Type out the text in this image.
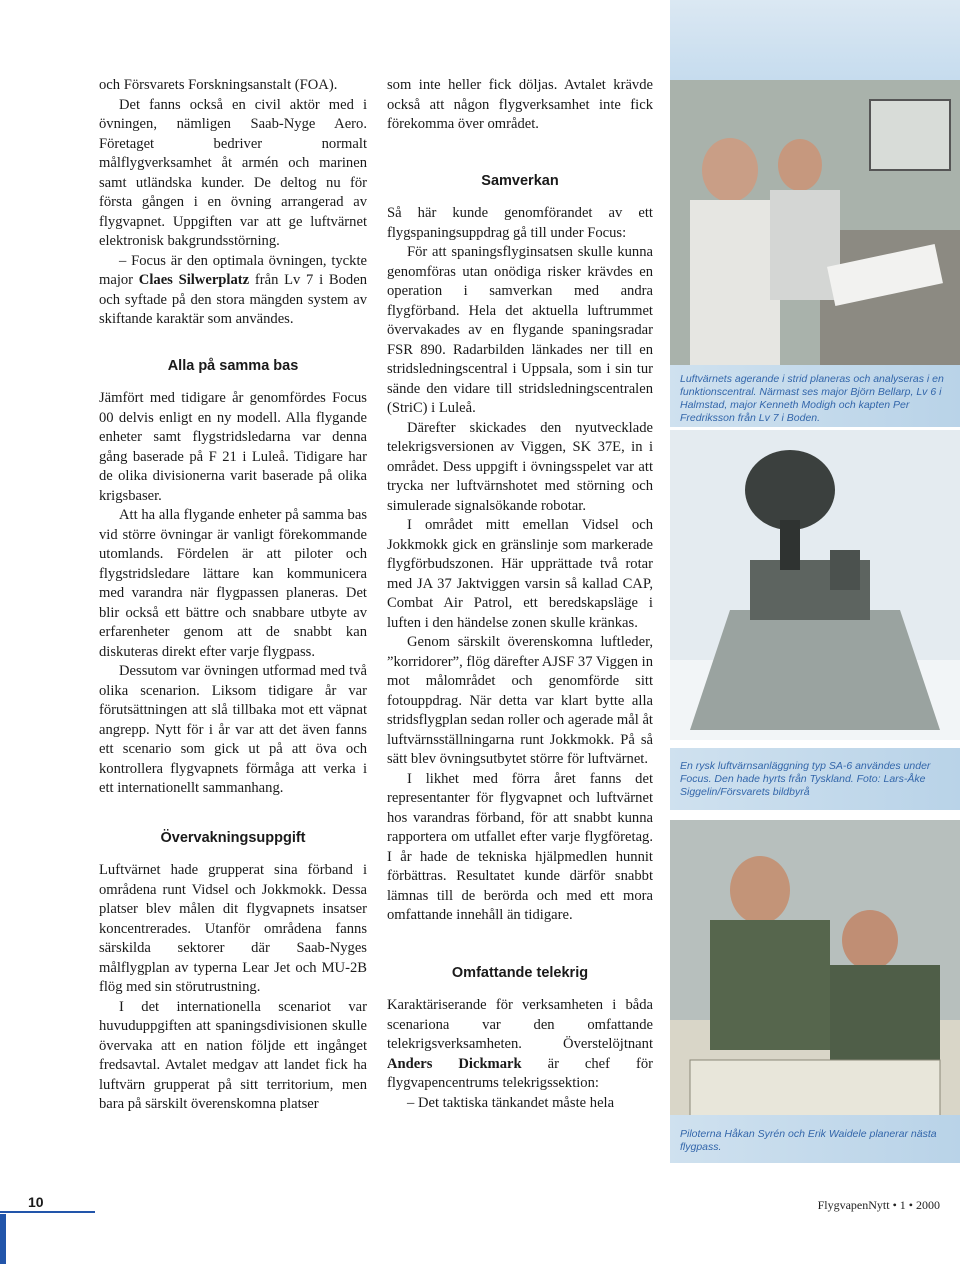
och Försvarets Forskningsanstalt (FOA).

Det fanns också en civil aktör med i övningen, nämligen Saab-Nyge Aero. Företaget bedriver normalt målflygverksamhet åt armén och marinen samt utländska kunder. De deltog nu för första gången i en övning arrangerad av flygvapnet. Uppgiften var att ge luftvärnet elektronisk bakgrundsstörning.

– Focus är den optimala övningen, tyckte major Claes Silwerplatz från Lv 7 i Boden och syftade på den stora mängden system av skiftande karaktär som användes.

Alla på samma bas

Jämfört med tidigare år genomfördes Focus 00 delvis enligt en ny modell. Alla flygande enheter samt flygstridsledarna var denna gång baserade på F 21 i Luleå. Tidigare har de olika divisionerna varit baserade på olika krigsbaser.

Att ha alla flygande enheter på samma bas vid större övningar är vanligt förekommande utomlands. Fördelen är att piloter och flygstridsledare lättare kan kommunicera med varandra när flygpassen planeras. Det blir också ett bättre och snabbare utbyte av erfarenheter genom att de snabbt kan diskuteras direkt efter varje flygpass.

Dessutom var övningen utformad med två olika scenarion. Liksom tidigare år var förutsättningen att slå tillbaka mot ett väpnat angrepp. Nytt för i år var att det även fanns ett scenario som gick ut på att öva och kontrollera flygvapnets förmåga att verka i ett internationellt sammanhang.

Övervakningsuppgift

Luftvärnet hade grupperat sina förband i områdena runt Vidsel och Jokkmokk. Dessa platser blev målen dit flygvapnets insatser koncentrerades. Utanför områdena fanns särskilda sektorer där Saab-Nyges målflygplan av typerna Lear Jet och MU-2B flög med sin störutrustning.

I det internationella scenariot var huvuduppgiften att spaningsdivisionen skulle övervaka att en nation följde ett ingånget fredsavtal. Avtalet medgav att landet fick ha luftvärn grupperat på sitt territorium, men bara på särskilt överenskomna platser

som inte heller fick döljas. Avtalet krävde också att någon flygverksamhet inte fick förekomma över området.

Samverkan

Så här kunde genomförandet av ett flygspaningsuppdrag gå till under Focus:

För att spaningsflyginsatsen skulle kunna genomföras utan onödiga risker krävdes en operation i samverkan med andra flygförband. Hela det aktuella luftrummet övervakades av en flygande spaningsradar FSR 890. Radarbilden länkades ner till en stridsledningscentral i Uppsala, som i sin tur sände den vidare till stridsledningscentralen (StriC) i Luleå.

Därefter skickades den nyutvecklade telekrigsversionen av Viggen, SK 37E, in i området. Dess uppgift i övningsspelet var att trycka ner luftvärnshotet med störning och simulerade signalsökande robotar.

I området mitt emellan Vidsel och Jokkmokk gick en gränslinje som markerade flygförbudszonen. Här upprättade två rotar med JA 37 Jaktviggen varsin så kallad CAP, Combat Air Patrol, ett beredskapsläge i luften i den händelse zonen skulle kränkas.

Genom särskilt överenskomna luftleder, ”korridorer”, flög därefter AJSF 37 Viggen in mot målområdet och genomförde sitt fotouppdrag. När detta var klart bytte alla stridsflygplan sedan roller och agerade mål åt luftvärnsställningarna runt Jokkmokk. På så sätt blev övningsutbytet större för luftvärnet.

I likhet med förra året fanns det representanter för flygvapnet och luftvärnet hos varandras förband, för att snabbt kunna rapportera om utfallet efter varje flygföretag. I år hade de tekniska hjälpmedlen hunnit förbättras. Resultatet kunde därför snabbt lämnas till de berörda och med ett mora omfattande innehåll än tidigare.

Omfattande telekrig

Karaktäriserande för verksamheten i båda scenariona var den omfattande telekrigsverksamheten. Överstelöjtnant Anders Dickmark är chef för flygvapencentrums telekrigssektion:

– Det taktiska tänkandet måste hela

Luftvärnets agerande i strid planeras och analyseras i en funktionscentral. Närmast ses major Björn Bellarp, Lv 6 i Halmstad, major Kenneth Modigh och kapten Per Fredriksson från Lv 7 i Boden.
En rysk luftvärnsanläggning typ SA-6 användes under Focus. Den hade hyrts från Tyskland. Foto: Lars-Åke Siggelin/Försvarets bildbyrå
Piloterna Håkan Syrén och Erik Waidele planerar nästa flygpass.
10	FlygvapenNytt • 1 • 2000
